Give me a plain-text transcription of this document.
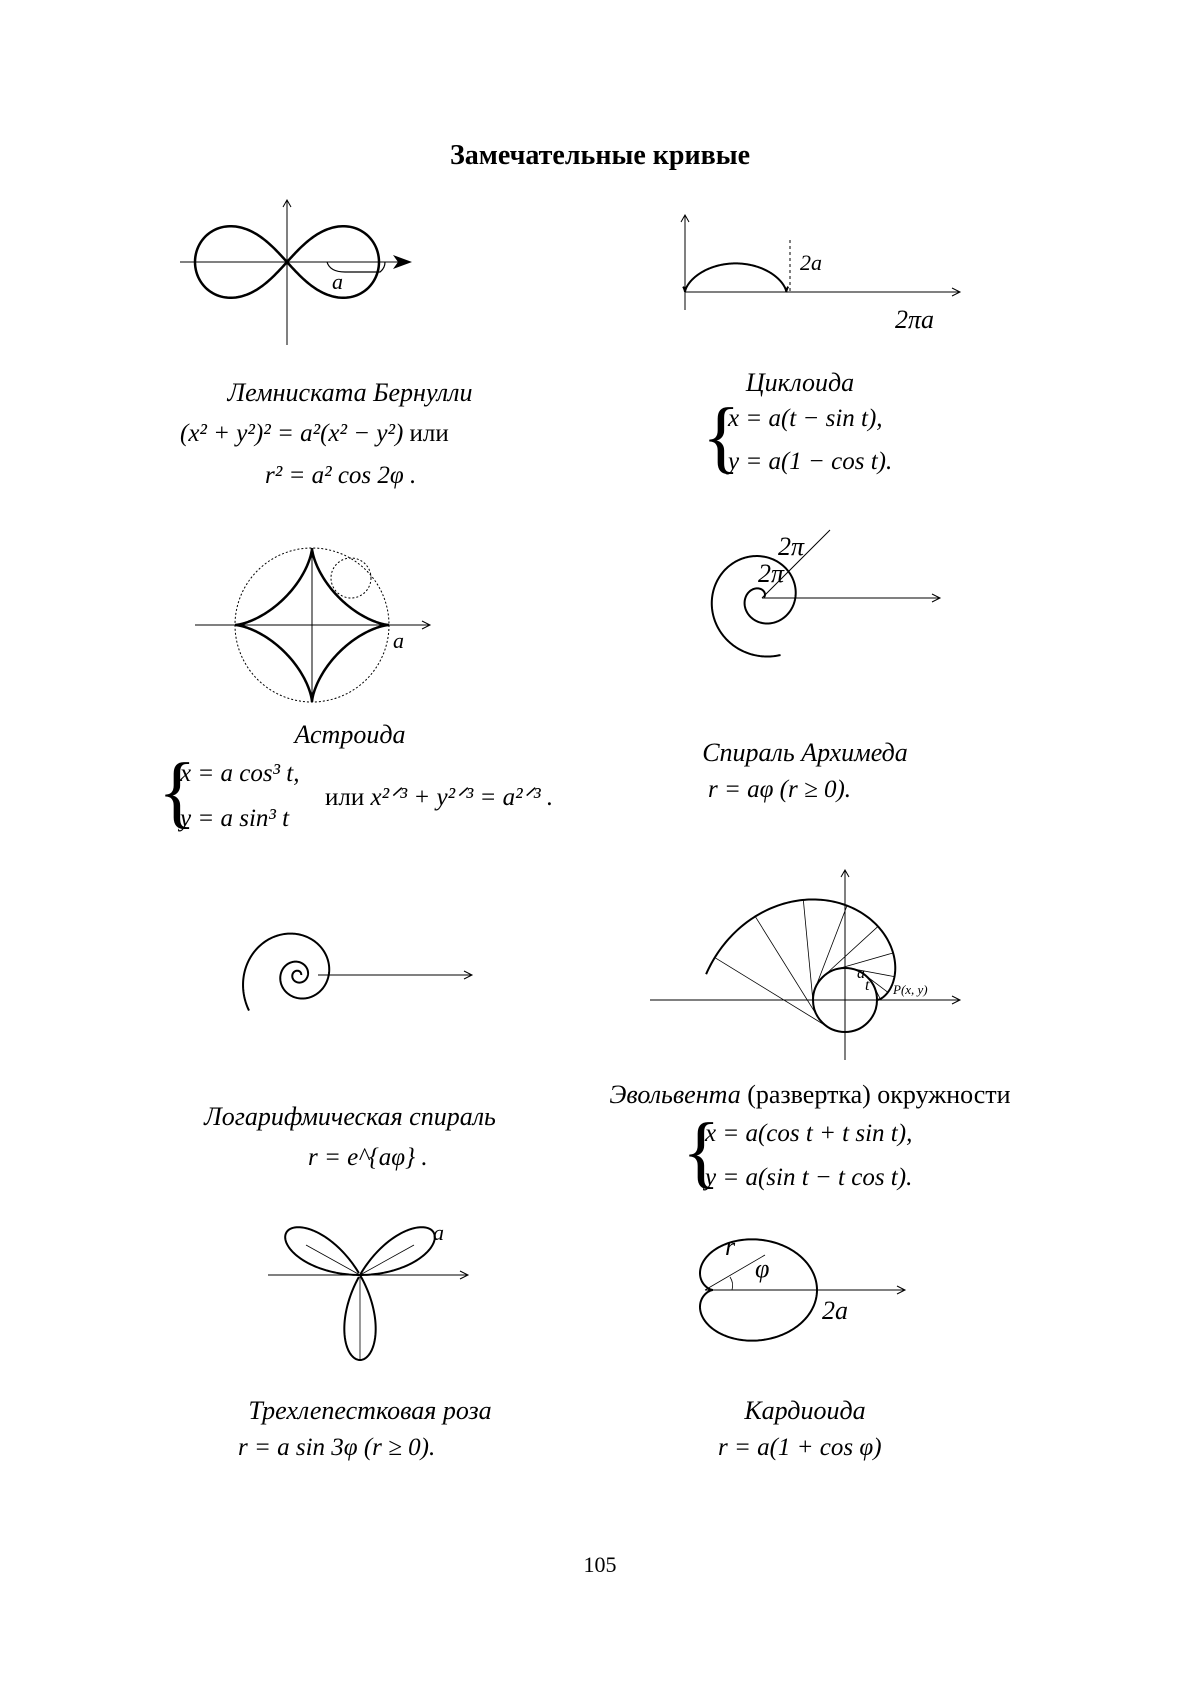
Замечательные кривые
a
Лемниската Бернулли
(x² + y²)² = a²(x² − y²) или
r² = a² cos 2φ .
2a
2πa
Циклоида
{
x = a(t − sin t),
y = a(1 − cos t).
a
Астроида
{
x = a cos³ t,
y = a sin³ t
или x²ᐟ³ + y²ᐟ³ = a²ᐟ³ .
2π
2π
Спираль Архимеда
r = aφ (r ≥ 0).
Логарифмическая спираль
r = e^{aφ} .
a
t P(x, y)
Эвольвента (развертка) окружности
{
x = a(cos t + t sin t),
y = a(sin t − t cos t).
a
Трехлепестковая роза
r = a sin 3φ (r ≥ 0).
r
φ
2a
Кардиоида
r = a(1 + cos φ)
105
